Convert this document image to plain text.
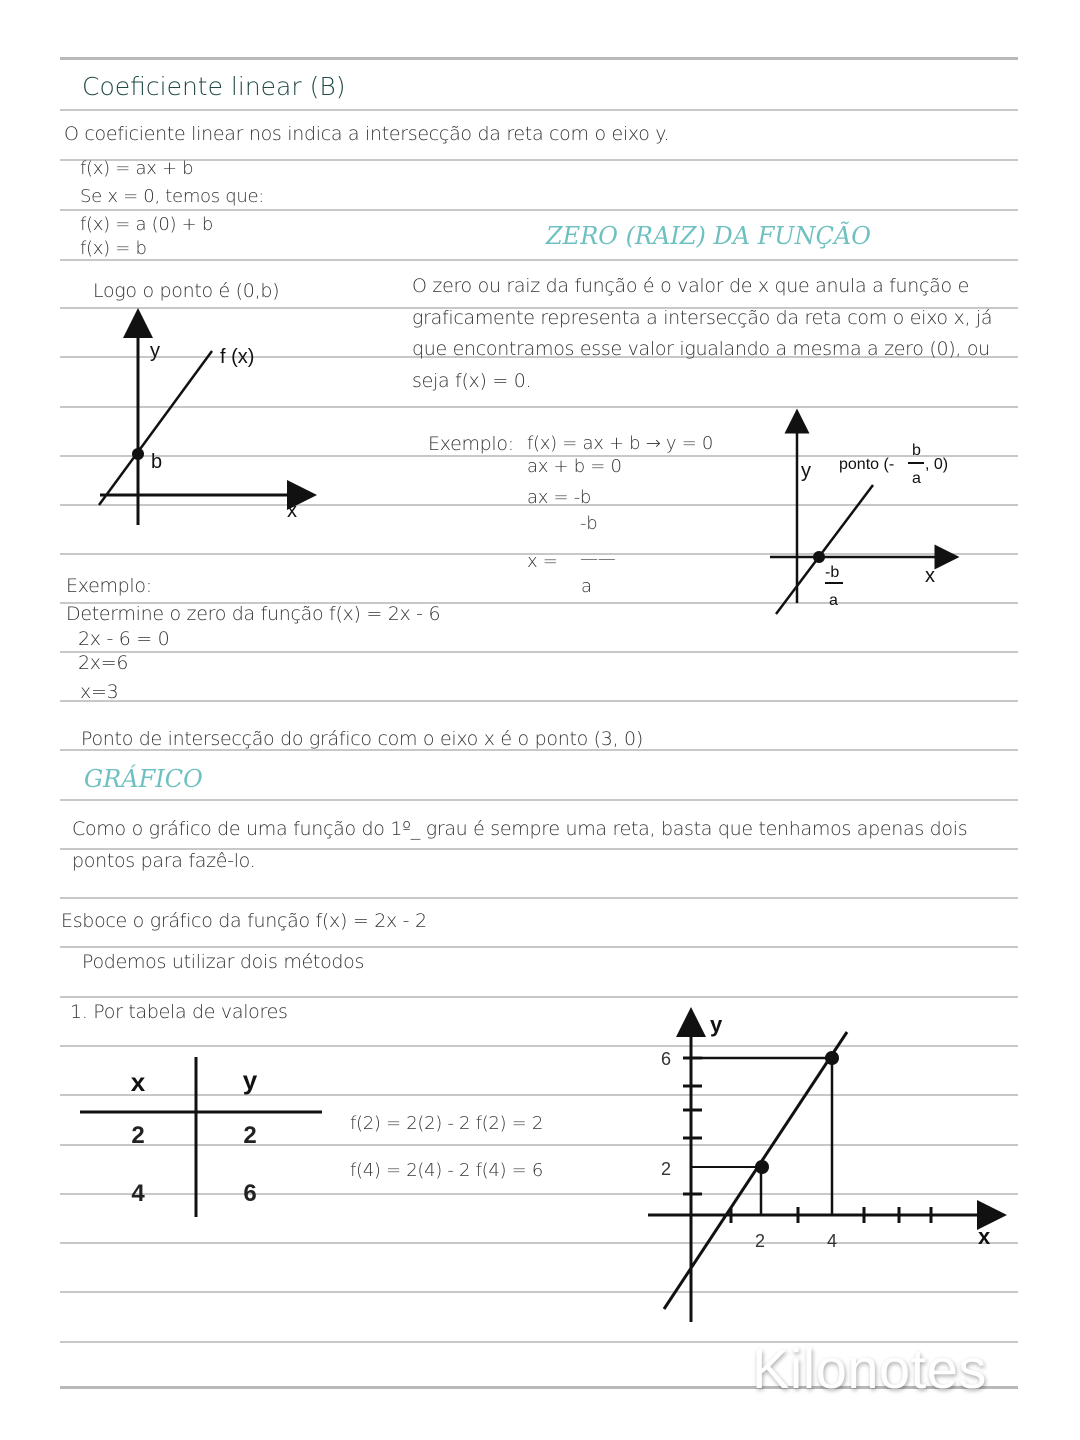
Coeficiente linear (B)
O coeficiente linear nos indica a intersecção da reta com o eixo y.
f(x) = ax + b
Se x = 0, temos que:
f(x) = a (0) + b
f(x) = b
Logo o ponto é (0,b)
y	f (x)
b
x
ZERO (RAIZ) DA FUNÇÃO
O zero ou raiz da função é o valor de x que anula a função e
graficamente representa a intersecção da reta com o eixo x, já
que encontramos esse valor igualando a mesma a zero (0), ou
seja f(x) = 0.
Exemplo: f(x) = ax + b → y = 0
ax + b = 0
ax = -b
-b
x = ——
a
y
x
ponto (-
b
a
, 0)
-b
a
Exemplo:
Determine o zero da função f(x) = 2x - 6
2x - 6 = 0
2x=6
x=3
Ponto de intersecção do gráfico com o eixo x é o ponto (3, 0)
GRÁFICO
Como o gráfico de uma função do 1º_ grau é sempre uma reta, basta que tenhamos apenas dois
pontos para fazê-lo.
Esboce o gráfico da função f(x) = 2x - 2
Podemos utilizar dois métodos
1. Por tabela de valores
x	y
2	2
4	6
f(2) = 2(2) - 2 f(2) = 2
f(4) = 2(4) - 2 f(4) = 6
y
x
6
2
2	4
Kilonotes
